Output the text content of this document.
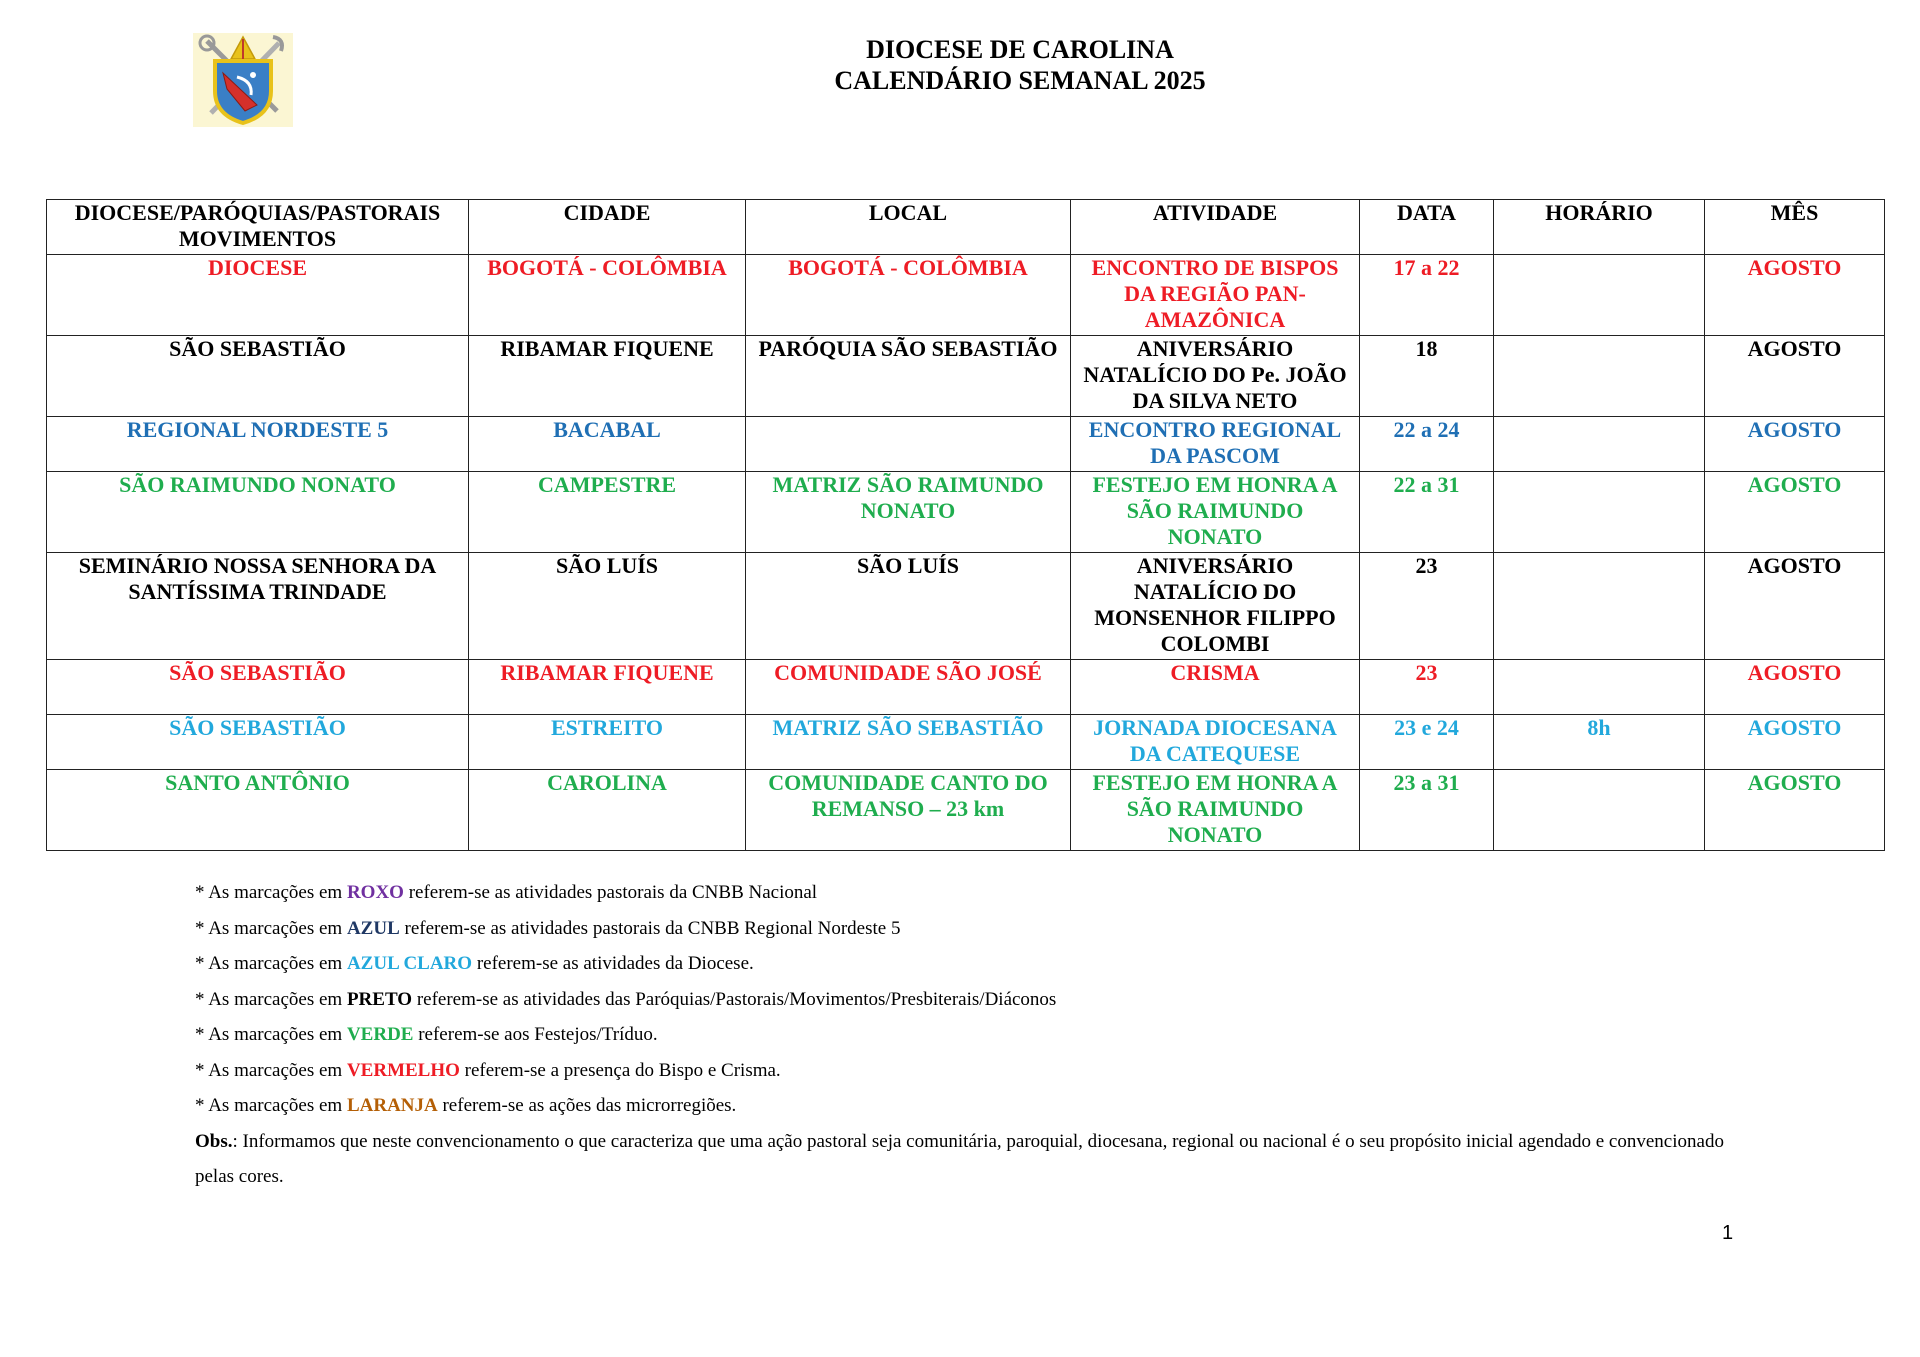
DIOCESE DE CAROLINA
CALENDÁRIO SEMANAL 2025
DIOCESE/PARÓQUIAS/PASTORAIS MOVIMENTOS	CIDADE	LOCAL	ATIVIDADE	DATA	HORÁRIO	MÊS
DIOCESE	BOGOTÁ - COLÔMBIA	BOGOTÁ - COLÔMBIA	ENCONTRO DE BISPOS DA REGIÃO PAN-AMAZÔNICA	17 a 22		AGOSTO
SÃO SEBASTIÃO	RIBAMAR FIQUENE	PARÓQUIA SÃO SEBASTIÃO	ANIVERSÁRIO NATALÍCIO DO Pe. JOÃO DA SILVA NETO	18		AGOSTO
REGIONAL NORDESTE 5	BACABAL		ENCONTRO REGIONAL DA PASCOM	22 a 24		AGOSTO
SÃO RAIMUNDO NONATO	CAMPESTRE	MATRIZ SÃO RAIMUNDO NONATO	FESTEJO EM HONRA A SÃO RAIMUNDO NONATO	22 a 31		AGOSTO
SEMINÁRIO NOSSA SENHORA DA SANTÍSSIMA TRINDADE	SÃO LUÍS	SÃO LUÍS	ANIVERSÁRIO NATALÍCIO DO MONSENHOR FILIPPO COLOMBI	23		AGOSTO
SÃO SEBASTIÃO	RIBAMAR FIQUENE	COMUNIDADE SÃO JOSÉ	CRISMA	23		AGOSTO
SÃO SEBASTIÃO	ESTREITO	MATRIZ SÃO SEBASTIÃO	JORNADA DIOCESANA DA CATEQUESE	23 e 24	8h	AGOSTO
SANTO ANTÔNIO	CAROLINA	COMUNIDADE CANTO DO REMANSO – 23 km	FESTEJO EM HONRA A SÃO RAIMUNDO NONATO	23 a 31		AGOSTO

* As marcações em ROXO referem-se as atividades pastorais da CNBB Nacional

* As marcações em AZUL referem-se as atividades pastorais da CNBB Regional Nordeste 5

* As marcações em AZUL CLARO referem-se as atividades da Diocese.

* As marcações em PRETO referem-se as atividades das Paróquias/Pastorais/Movimentos/Presbiterais/Diáconos

* As marcações em VERDE referem-se aos Festejos/Tríduo.

* As marcações em VERMELHO referem-se a presença do Bispo e Crisma.

* As marcações em LARANJA referem-se as ações das microrregiões.

Obs.: Informamos que neste convencionamento o que caracteriza que uma ação pastoral seja comunitária, paroquial, diocesana, regional ou nacional é o seu propósito inicial agendado e convencionado pelas cores.

1
